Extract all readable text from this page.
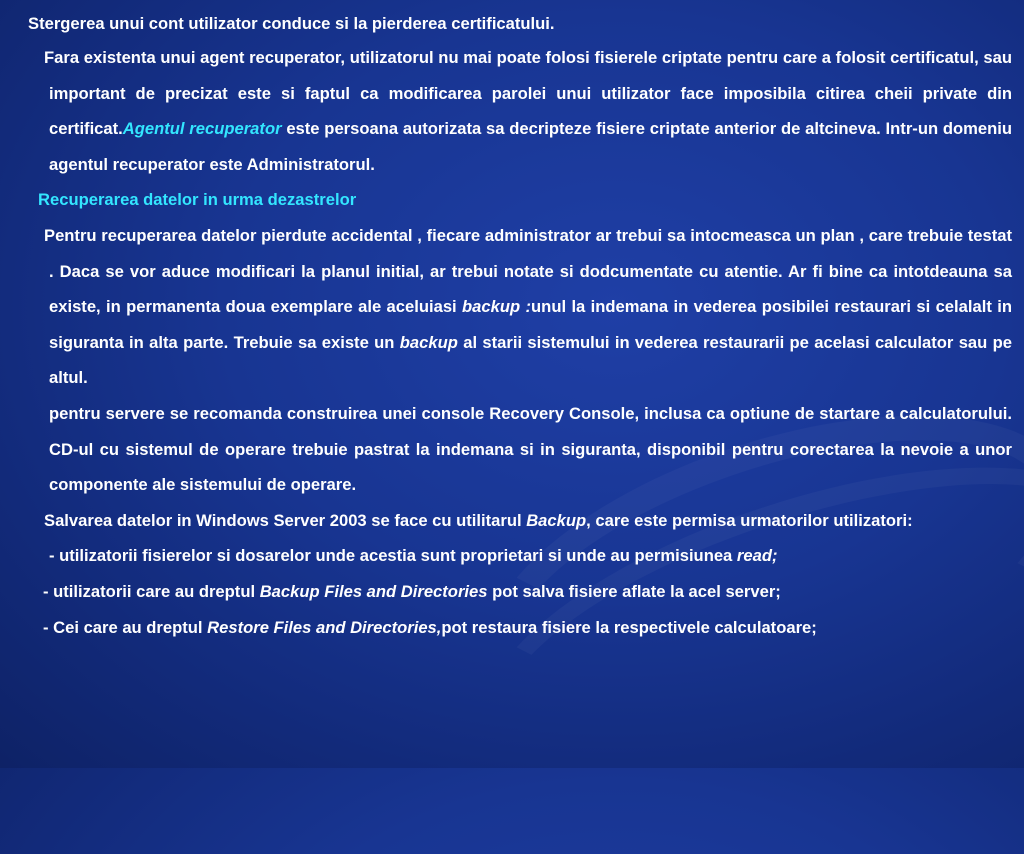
Stergerea unui cont utilizator conduce si la pierderea certificatului.

Fara existenta unui agent recuperator, utilizatorul nu mai poate folosi fisierele criptate pentru care a folosit certificatul, sau important de precizat este si faptul ca modificarea parolei unui utilizator face imposibila citirea cheii private din certificat.Agentul recuperator este persoana autorizata sa decripteze fisiere criptate anterior de altcineva. Intr-un domeniu agentul recuperator este Administratorul.

Recuperarea datelor in urma dezastrelor

Pentru recuperarea datelor pierdute accidental , fiecare administrator ar trebui sa intocmeasca un plan , care trebuie testat . Daca se vor aduce modificari la planul initial, ar trebui notate si dodcumentate cu atentie. Ar fi bine ca intotdeauna sa existe, in permanenta doua exemplare ale aceluiasi backup :unul la indemana in vederea posibilei restaurari si celalalt in siguranta in alta parte. Trebuie sa existe un backup al starii sistemului in vederea restaurarii pe acelasi calculator sau pe altul.

pentru servere se recomanda construirea unei console Recovery Console, inclusa ca optiune de startare a calculatorului. CD-ul cu sistemul de operare trebuie pastrat la indemana si in siguranta, disponibil pentru corectarea la nevoie a unor componente ale sistemului de operare.

Salvarea datelor in Windows Server 2003 se face cu utilitarul Backup, care este permisa urmatorilor utilizatori:

- utilizatorii fisierelor si dosarelor unde acestia sunt proprietari si unde au permisiunea read;

- utilizatorii care au dreptul Backup Files and Directories pot salva fisiere aflate la acel server;

- Cei care au dreptul Restore Files and Directories,pot restaura fisiere la respectivele calculatoare;
